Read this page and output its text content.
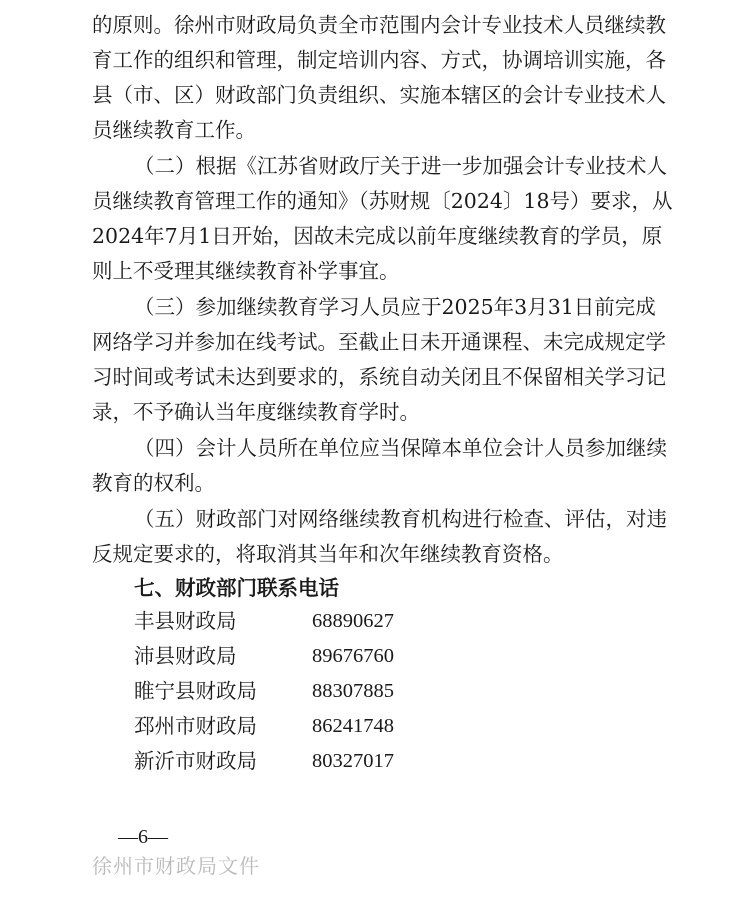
的原则。徐州市财政局负责全市范围内会计专业技术人员继续教
育工作的组织和管理，制定培训内容、方式，协调培训实施，各
县（市、区）财政部门负责组织、实施本辖区的会计专业技术人
员继续教育工作。
（二）根据《江苏省财政厅关于进一步加强会计专业技术人
员继续教育管理工作的通知》（苏财规〔2024〕18号）要求，从
2024年7月1日开始，因故未完成以前年度继续教育的学员，原
则上不受理其继续教育补学事宜。
（三）参加继续教育学习人员应于2025年3月31日前完成
网络学习并参加在线考试。至截止日未开通课程、未完成规定学
习时间或考试未达到要求的，系统自动关闭且不保留相关学习记
录，不予确认当年度继续教育学时。
（四）会计人员所在单位应当保障本单位会计人员参加继续
教育的权利。
（五）财政部门对网络继续教育机构进行检查、评估，对违
反规定要求的，将取消其当年和次年继续教育资格。
七、财政部门联系电话
丰县财政局	68890627
沛县财政局	89676760
睢宁县财政局	88307885
邳州市财政局	86241748
新沂市财政局	80327017
—6—
徐州市财政局文件
